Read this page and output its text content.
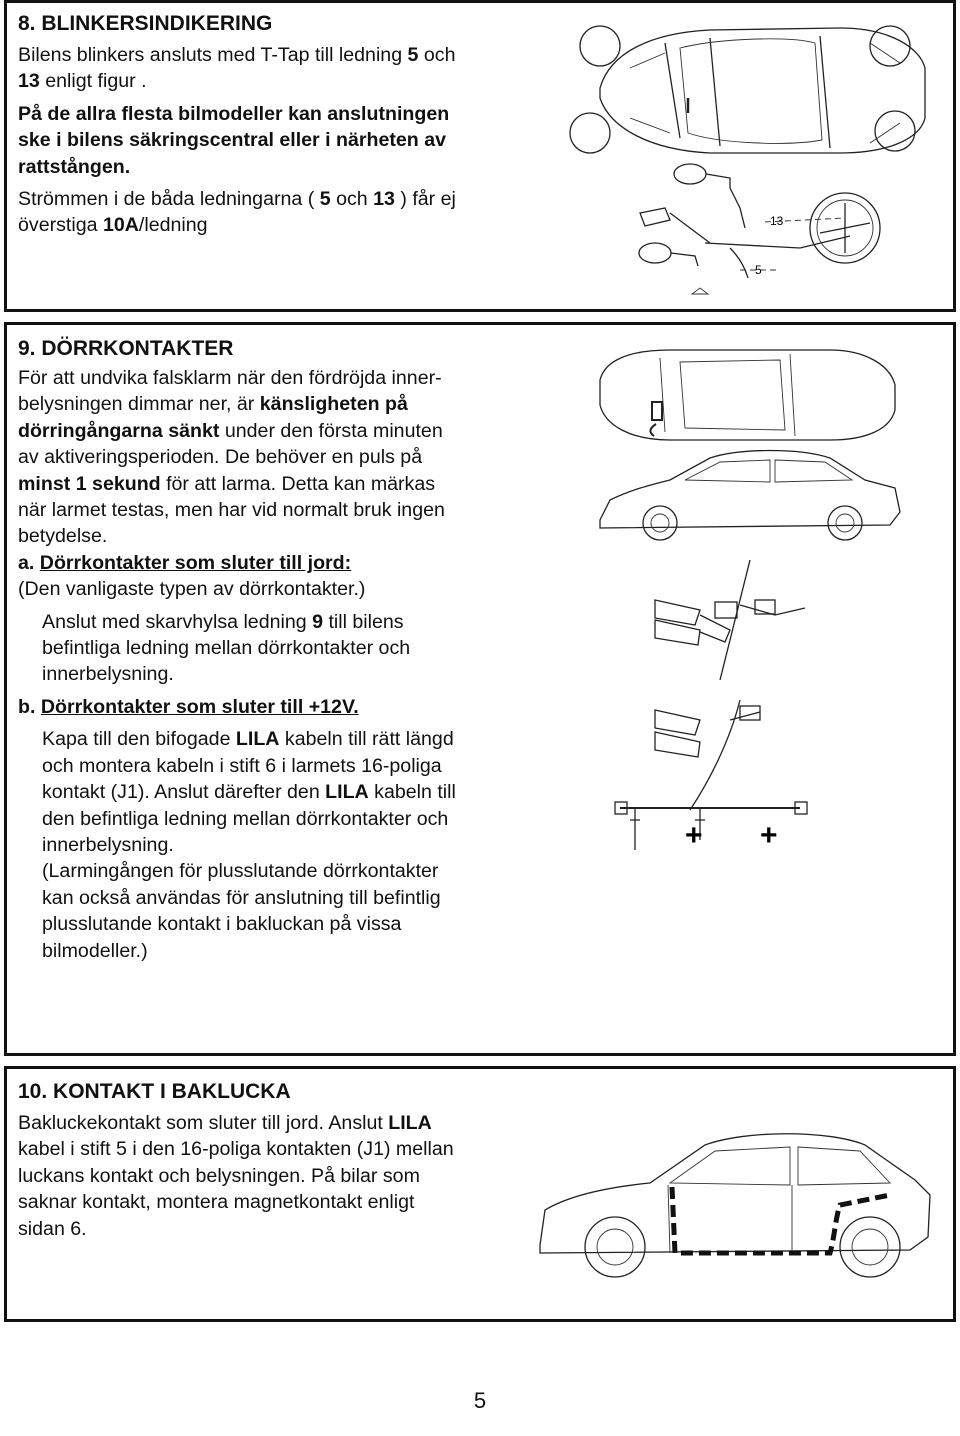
8. BLINKERSINDIKERING
Bilens blinkers ansluts med T-Tap till ledning 5 och
13 enligt figur .
På de allra flesta bilmodeller kan anslutningen
ske i bilens säkringscentral eller i närheten av
rattstången.
Strömmen i de båda ledningarna ( 5 och 13 ) får ej
överstiga 10A/ledning	13
5
9. DÖRRKONTAKTER
För att undvika falsklarm när den fördröjda inner-
belysningen dimmar ner, är känsligheten på
dörringångarna sänkt under den första minuten
av aktiveringsperioden. De behöver en puls på
minst 1 sekund för att larma. Detta kan märkas
när larmet testas, men har vid normalt bruk ingen
betydelse.
a. Dörrkontakter som sluter till jord:
(Den vanligaste typen av dörrkontakter.)
Anslut med skarvhylsa ledning 9 till bilens
befintliga ledning mellan dörrkontakter och
innerbelysning.
b. Dörrkontakter som sluter till +12V.
Kapa till den bifogade LILA kabeln till rätt längd
och montera kabeln i stift 6 i larmets 16-poliga
kontakt (J1). Anslut därefter den LILA kabeln till
den befintliga ledning mellan dörrkontakter och
innerbelysning.
(Larmingången för plusslutande dörrkontakter
kan också användas för anslutning till befintlig
plusslutande kontakt i bakluckan på vissa
bilmodeller.)
+ +
10. KONTAKT I BAKLUCKA
Bakluckekontakt som sluter till jord. Anslut LILA
kabel i stift 5 i den 16-poliga kontakten (J1) mellan
luckans kontakt och belysningen. På bilar som
saknar kontakt, montera magnetkontakt enligt
sidan 6.
5
